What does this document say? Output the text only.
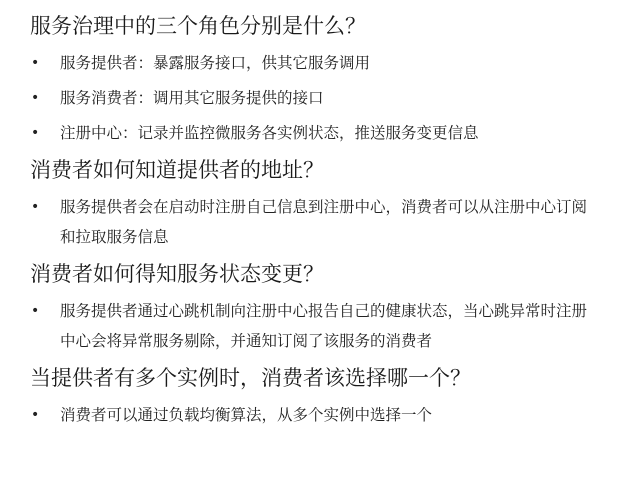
服务治理中的三个角色分别是什么？
• 服务提供者：暴露服务接口，供其它服务调用
• 服务消费者：调用其它服务提供的接口
• 注册中心：记录并监控微服务各实例状态，推送服务变更信息
消费者如何知道提供者的地址？
• 服务提供者会在启动时注册自己信息到注册中心，消费者可以从注册中心订阅和拉取服务信息
消费者如何得知服务状态变更？
• 服务提供者通过心跳机制向注册中心报告自己的健康状态，当心跳异常时注册中心会将异常服务剔除，并通知订阅了该服务的消费者
当提供者有多个实例时，消费者该选择哪一个？
• 消费者可以通过负载均衡算法，从多个实例中选择一个
